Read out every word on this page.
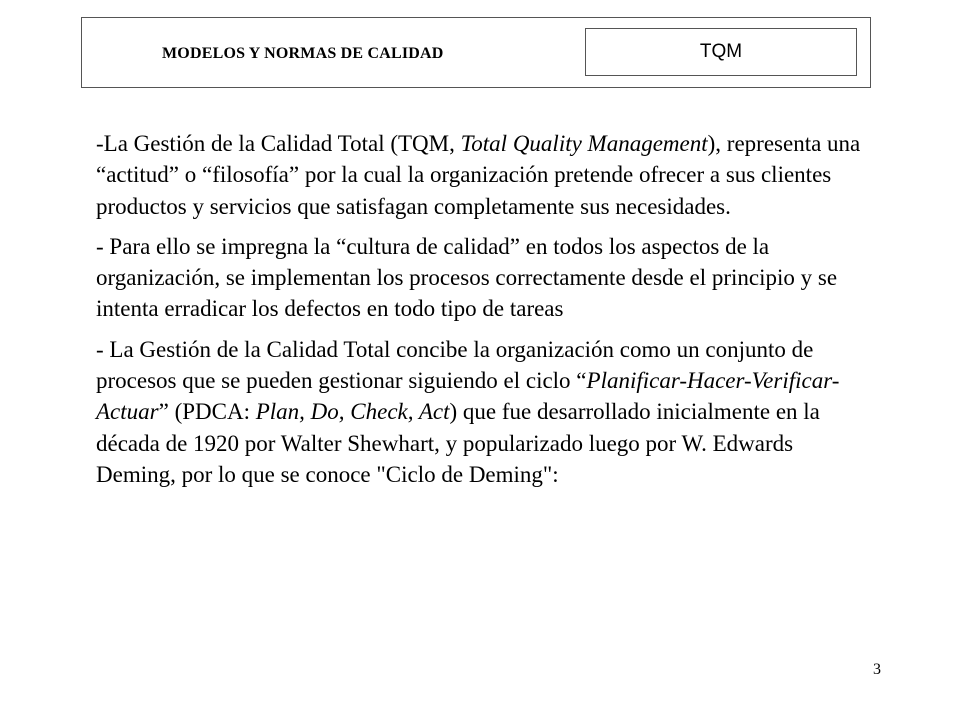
MODELOS Y NORMAS DE CALIDAD	TQM

-La Gestión de la Calidad Total (TQM, Total Quality Management), representa una “actitud” o “filosofía” por la cual la organización pretende ofrecer a sus clientes productos y servicios que satisfagan completamente sus necesidades.

- Para ello se impregna la “cultura de calidad” en todos los aspectos de la organización, se implementan los procesos correctamente desde el principio y se intenta erradicar los defectos en todo tipo de tareas

- La Gestión de la Calidad Total concibe la organización como un conjunto de procesos que se pueden gestionar siguiendo el ciclo “Planificar-Hacer-Verificar-Actuar” (PDCA: Plan, Do, Check, Act) que fue desarrollado inicialmente en la década de 1920 por Walter Shewhart, y popularizado luego por W. Edwards Deming, por lo que se conoce "Ciclo de Deming":

3
